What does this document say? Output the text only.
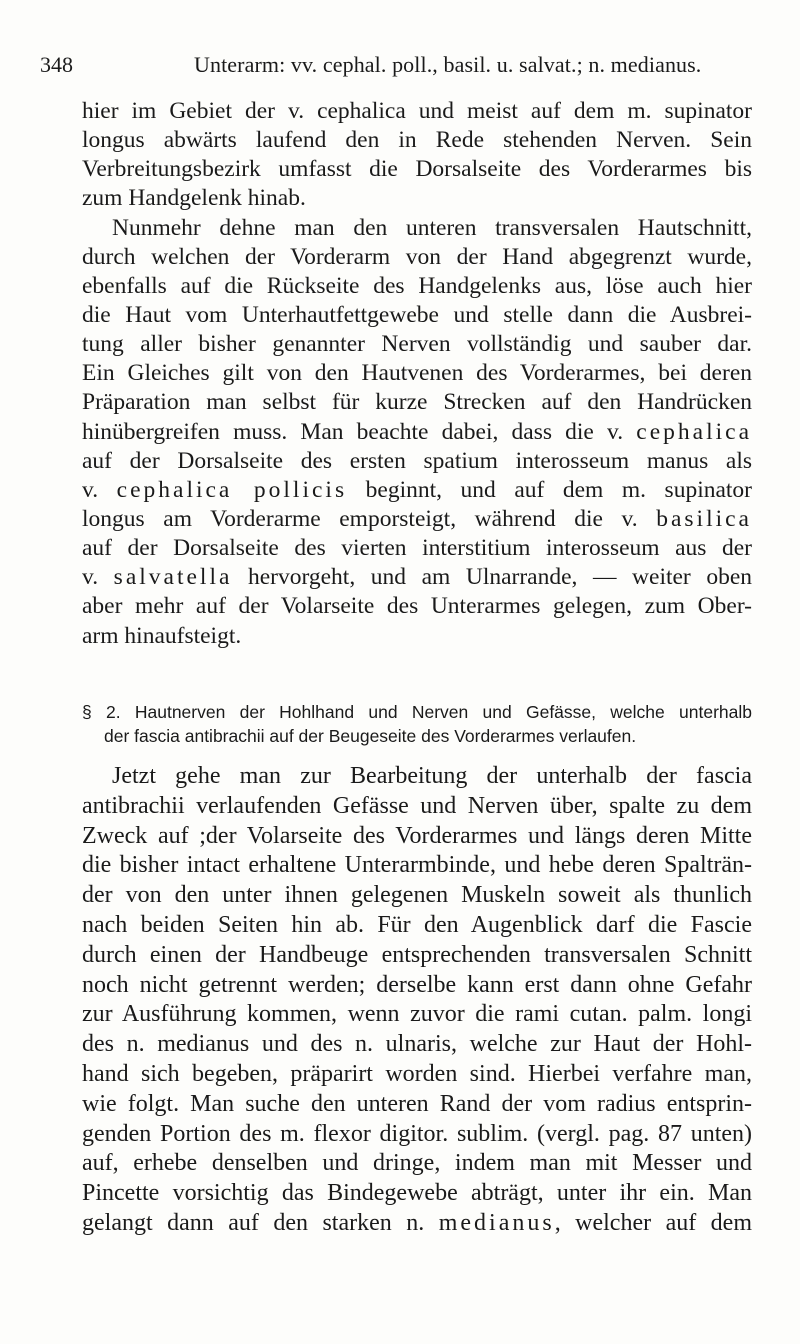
348	Unterarm: vv. cephal. poll., basil. u. salvat.; n. medianus.
hier im Gebiet der v. cephalica und meist auf dem m. supinator
longus abwärts laufend den in Rede stehenden Nerven. Sein
Verbreitungsbezirk umfasst die Dorsalseite des Vorderarmes bis
zum Handgelenk hinab.
Nunmehr dehne man den unteren transversalen Hautschnitt,
durch welchen der Vorderarm von der Hand abgegrenzt wurde,
ebenfalls auf die Rückseite des Handgelenks aus, löse auch hier
die Haut vom Unterhautfettgewebe und stelle dann die Ausbrei-
tung aller bisher genannter Nerven vollständig und sauber dar.
Ein Gleiches gilt von den Hautvenen des Vorderarmes, bei deren
Präparation man selbst für kurze Strecken auf den Handrücken
hinübergreifen muss. Man beachte dabei, dass die v. cephalica
auf der Dorsalseite des ersten spatium interosseum manus als
v. cephalica pollicis beginnt, und auf dem m. supinator
longus am Vorderarme emporsteigt, während die v. basilica
auf der Dorsalseite des vierten interstitium interosseum aus der
v. salvatella hervorgeht, und am Ulnarrande, — weiter oben
aber mehr auf der Volarseite des Unterarmes gelegen, zum Ober-
arm hinaufsteigt.
§ 2. Hautnerven der Hohlhand und Nerven und Gefässe, welche unterhalb
der fascia antibrachii auf der Beugeseite des Vorderarmes verlaufen.
Jetzt gehe man zur Bearbeitung der unterhalb der fascia
antibrachii verlaufenden Gefässe und Nerven über, spalte zu dem
Zweck auf ;der Volarseite des Vorderarmes und längs deren Mitte
die bisher intact erhaltene Unterarmbinde, und hebe deren Spalträn-
der von den unter ihnen gelegenen Muskeln soweit als thunlich
nach beiden Seiten hin ab. Für den Augenblick darf die Fascie
durch einen der Handbeuge entsprechenden transversalen Schnitt
noch nicht getrennt werden; derselbe kann erst dann ohne Gefahr
zur Ausführung kommen, wenn zuvor die rami cutan. palm. longi
des n. medianus und des n. ulnaris, welche zur Haut der Hohl-
hand sich begeben, präparirt worden sind. Hierbei verfahre man,
wie folgt. Man suche den unteren Rand der vom radius entsprin-
genden Portion des m. flexor digitor. sublim. (vergl. pag. 87 unten)
auf, erhebe denselben und dringe, indem man mit Messer und
Pincette vorsichtig das Bindegewebe abträgt, unter ihr ein. Man
gelangt dann auf den starken n. medianus, welcher auf dem
